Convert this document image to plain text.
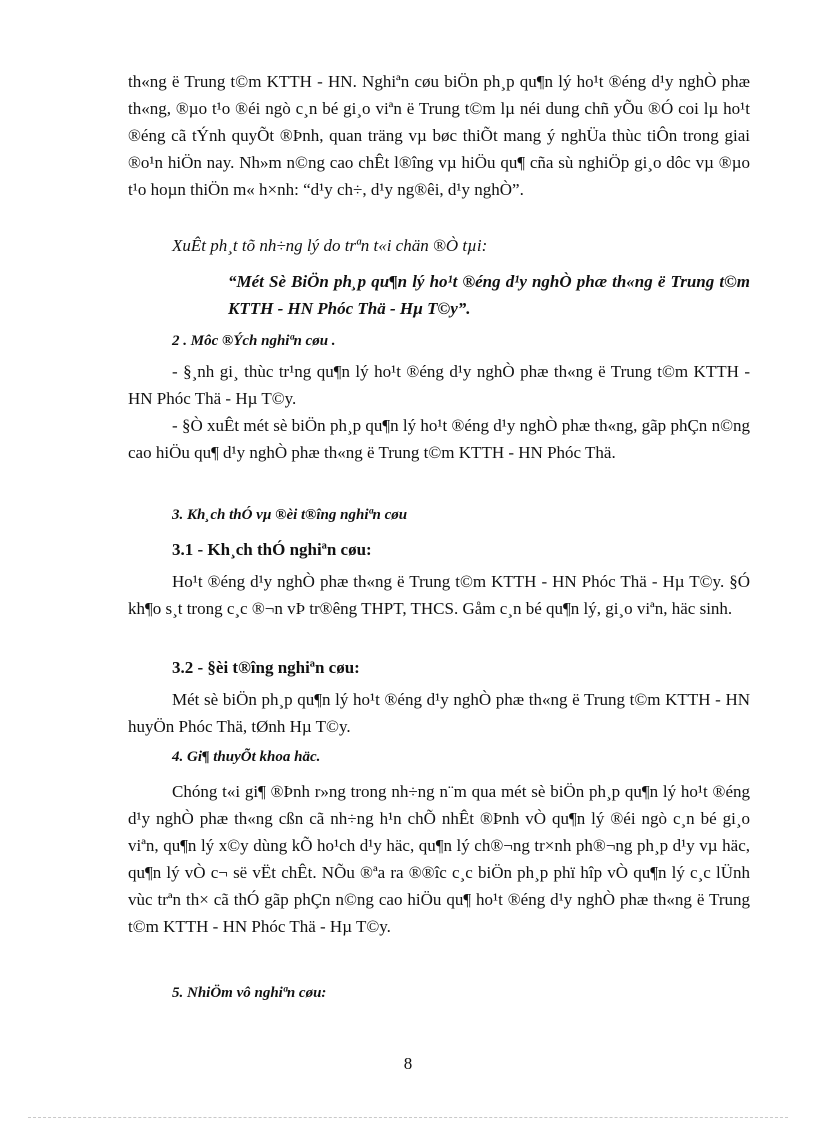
th«ng ë Trung t©m KTTH - HN. Nghiªn cøu biÖn ph¸p qu¶n lý ho¹t ®éng d¹y nghÒ phæ th«ng, ®µo t¹o ®éi ngò c¸n bé gi¸o viªn ë Trung t©m lµ néi dung chñ yÕu ®Ó coi lµ ho¹t ®éng cã tÝnh quyÕt ®Þnh, quan träng vµ bøc thiÕt mang ý nghÜa thùc tiÔn trong giai ®o¹n hiÖn nay. Nh»m n©ng cao chÊt l®îng vµ hiÖu qu¶ cña sù nghiÖp gi¸o dôc vµ ®µo t¹o hoµn thiÖn m« h×nh: “d¹y ch÷, d¹y ng®êi, d¹y nghÒ”.

XuÊt ph¸t tõ nh÷ng lý do trªn t«i chän ®Ò tµi:

“Mét Sè BiÖn ph¸p qu¶n lý ho¹t ®éng d¹y nghÒ phæ th«ng ë Trung t©m KTTH - HN Phóc Thä - Hµ T©y”.

2 . Môc ®Ých nghiªn cøu .

- §¸nh gi¸ thùc tr¹ng qu¶n lý ho¹t ®éng d¹y nghÒ phæ th«ng ë Trung t©m KTTH - HN Phóc Thä - Hµ T©y.

- §Ò xuÊt mét sè biÖn ph¸p qu¶n lý ho¹t ®éng d¹y nghÒ phæ th«ng, gãp phÇn n©ng cao hiÖu qu¶ d¹y nghÒ phæ th«ng ë Trung t©m KTTH - HN Phóc Thä.

3. Kh¸ch thÓ vµ ®èi t®îng nghiªn cøu

3.1 - Kh¸ch thÓ nghiªn cøu:

Ho¹t ®éng d¹y nghÒ phæ th«ng ë Trung t©m KTTH - HN Phóc Thä - Hµ T©y. §Ó kh¶o s¸t trong c¸c ®¬n vÞ tr®êng THPT, THCS. Gåm c¸n bé qu¶n lý, gi¸o viªn, häc sinh.

3.2 - §èi t®îng nghiªn cøu:

Mét sè biÖn ph¸p qu¶n lý ho¹t ®éng d¹y nghÒ phæ th«ng ë Trung t©m KTTH - HN huyÖn Phóc Thä, tØnh Hµ T©y.

4. Gi¶ thuyÕt khoa häc.

Chóng t«i gi¶ ®Þnh r»ng trong nh÷ng n¨m qua mét sè biÖn ph¸p qu¶n lý ho¹t ®éng d¹y nghÒ phæ th«ng cßn cã nh÷ng h¹n chÕ nhÊt ®Þnh vÒ qu¶n lý ®éi ngò c¸n bé gi¸o viªn, qu¶n lý x©y dùng kÕ ho¹ch d¹y häc, qu¶n lý ch®¬ng tr×nh ph®¬ng ph¸p d¹y vµ häc, qu¶n lý vÒ c¬ së vËt chÊt. NÕu ®ªa ra ®®îc c¸c biÖn ph¸p phï hîp vÒ qu¶n lý c¸c lÜnh vùc trªn th× cã thÓ gãp phÇn n©ng cao hiÖu qu¶ ho¹t ®éng d¹y nghÒ phæ th«ng ë Trung t©m KTTH - HN Phóc Thä - Hµ T©y.

5. NhiÖm vô nghiªn cøu:

8
